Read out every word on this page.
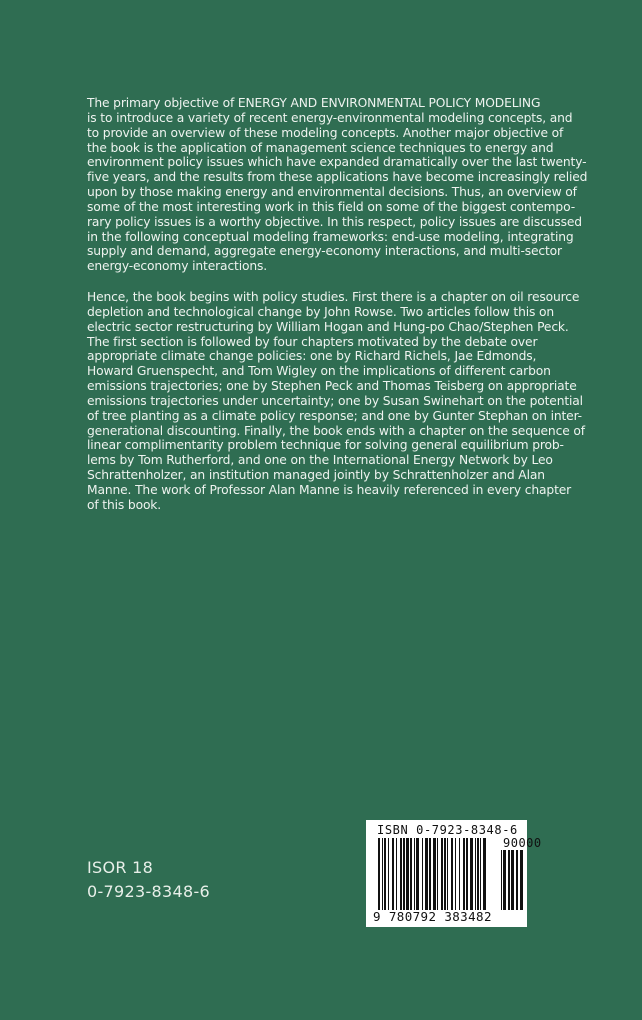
The primary objective of ENERGY AND ENVIRONMENTAL POLICY MODELING
is to introduce a variety of recent energy-environmental modeling concepts, and
to provide an overview of these modeling concepts. Another major objective of
the book is the application of management science techniques to energy and
environment policy issues which have expanded dramatically over the last twenty-
five years, and the results from these applications have become increasingly relied
upon by those making energy and environmental decisions. Thus, an overview of
some of the most interesting work in this field on some of the biggest contempo-
rary policy issues is a worthy objective. In this respect, policy issues are discussed
in the following conceptual modeling frameworks: end-use modeling, integrating
supply and demand, aggregate energy-economy interactions, and multi-sector
energy-economy interactions.
Hence, the book begins with policy studies. First there is a chapter on oil resource
depletion and technological change by John Rowse. Two articles follow this on
electric sector restructuring by William Hogan and Hung-po Chao/Stephen Peck.
The first section is followed by four chapters motivated by the debate over
appropriate climate change policies: one by Richard Richels, Jae Edmonds,
Howard Gruenspecht, and Tom Wigley on the implications of different carbon
emissions trajectories; one by Stephen Peck and Thomas Teisberg on appropriate
emissions trajectories under uncertainty; one by Susan Swinehart on the potential
of tree planting as a climate policy response; and one by Gunter Stephan on inter-
generational discounting. Finally, the book ends with a chapter on the sequence of
linear complimentarity problem technique for solving general equilibrium prob-
lems by Tom Rutherford, and one on the International Energy Network by Leo
Schrattenholzer, an institution managed jointly by Schrattenholzer and Alan
Manne. The work of Professor Alan Manne is heavily referenced in every chapter
of this book.
ISOR 18
0-7923-8348-6
ISBN 0-7923-8348-6
90000
9 780792 383482
